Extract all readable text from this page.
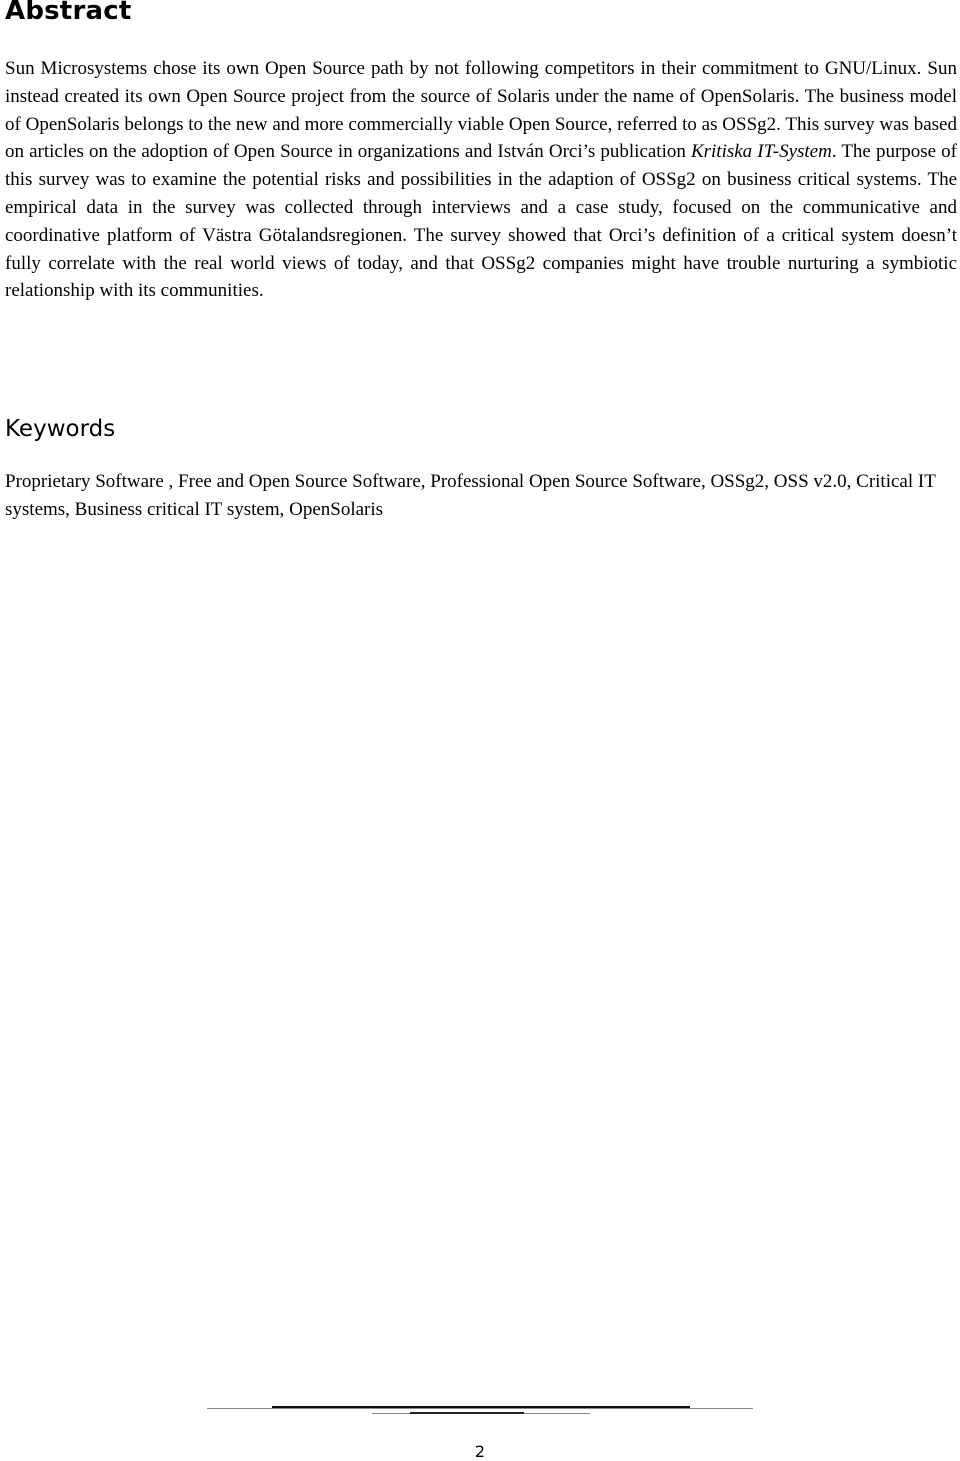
Abstract

Sun Microsystems chose its own Open Source path by not following competitors in their commitment to GNU/Linux. Sun instead created its own Open Source project from the source of Solaris under the name of OpenSolaris. The business model of OpenSolaris belongs to the new and more commercially viable Open Source, referred to as OSSg2. This survey was based on articles on the adoption of Open Source in organizations and István Orci’s publication Kritiska IT-System. The purpose of this survey was to examine the potential risks and possibilities in the adaption of OSSg2 on business critical systems. The empirical data in the survey was collected through interviews and a case study, focused on the communicative and coordinative platform of Västra Götalandsregionen. The survey showed that Orci’s definition of a critical system doesn’t fully correlate with the real world views of today, and that OSSg2 companies might have trouble nurturing a symbiotic relationship with its communities.

Keywords

Proprietary Software , Free and Open Source Software, Professional Open Source Software, OSSg2, OSS v2.0, Critical IT systems, Business critical IT system, OpenSolaris

2
